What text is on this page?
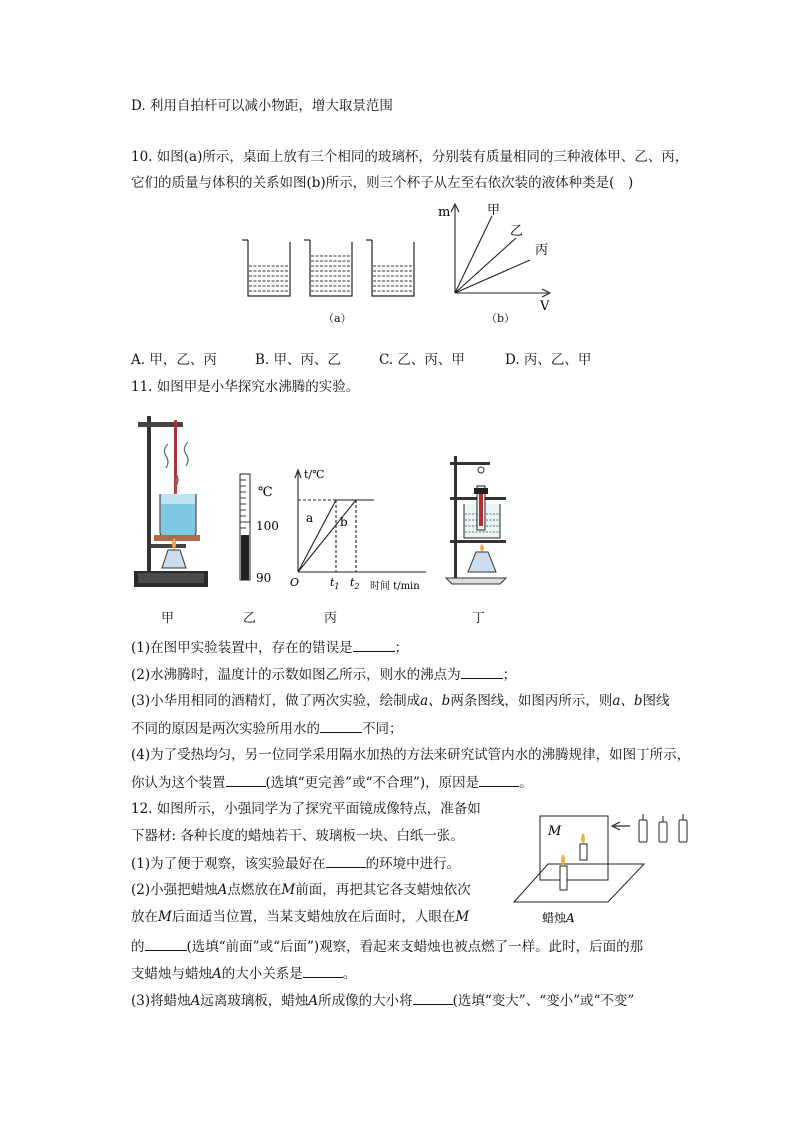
D. 利用自拍杆可以减小物距，增大取景范围
10. 如图(a)所示，桌面上放有三个相同的玻璃杯，分别装有质量相同的三种液体甲、乙、丙，
它们的质量与体积的关系如图(b)所示，则三个杯子从左至右依次装的液体种类是(　)
（a）
m
V
甲
乙
丙
（b）
A. 甲，乙、丙	B. 甲、丙、乙	C. 乙、丙、甲	D. 丙、乙、甲
11. 如图甲是小华探究水沸腾的实验。
℃
100
90
t/℃
a b
O	$t_1$ $t_2$ 时间 t/min
甲	乙	丙	丁
(1)在图甲实验装置中，存在的错误是	；
(2)水沸腾时，温度计的示数如图乙所示，则水的沸点为	；
(3)小华用相同的酒精灯，做了两次实验，绘制成a、b两条图线，如图丙所示，则a、b图线
不同的原因是两次实验所用水的	不同；
(4)为了受热均匀，另一位同学采用隔水加热的方法来研究试管内水的沸腾规律，如图丁所示，
你认为这个装置	(选填“更完善”或“不合理”)，原因是	。
12. 如图所示，小强同学为了探究平面镜成像特点，准备如
下器材: 各种长度的蜡烛若干、玻璃板一块、白纸一张。
(1)为了便于观察，该实验最好在	的环境中进行。
(2)小强把蜡烛A点燃放在M前面，再把其它各支蜡烛依次
放在M后面适当位置，当某支蜡烛放在后面时，人眼在M
的	(选填“前面”或“后面”)观察，看起来支蜡烛也被点燃了一样。此时，后面的那
支蜡烛与蜡烛A的大小关系是	。
(3)将蜡烛A远离玻璃板，蜡烛A所成像的大小将	(选填“变大”、“变小”或“不变”
M
蜡烛A
